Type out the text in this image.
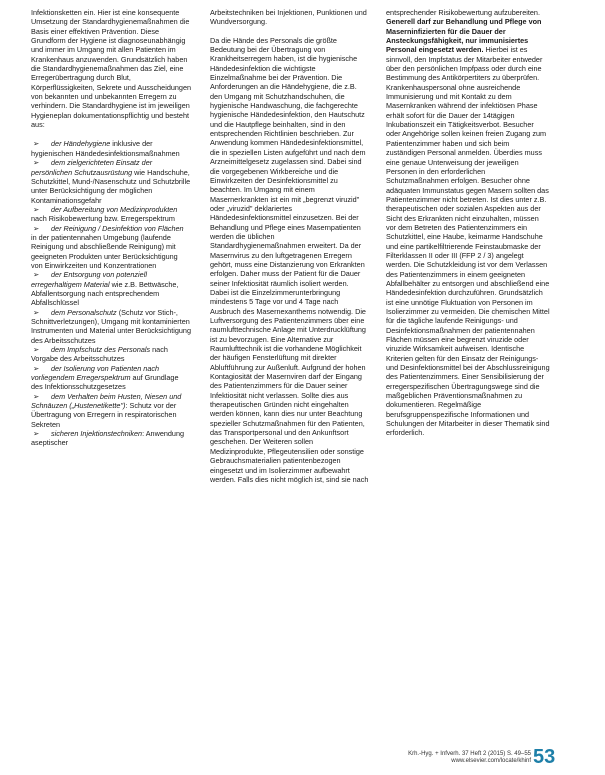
Infektionsketten ein. Hier ist eine konsequente Umsetzung der Standardhygienemaßnahmen die Basis einer effektiven Prävention. Diese Grundform der Hygiene ist diagnoseunabhängig und immer im Umgang mit allen Patienten im Krankenhaus anzuwenden. Grundsätzlich haben die Standardhygienemaßnahmen das Ziel, eine Erregerübertragung durch Blut, Körperflüssigkeiten, Sekrete und Ausscheidungen von bekannten und unbekannten Erregern zu verhindern. Die Standardhygiene ist im jeweiligen Hygieneplan dokumentationspflichtig und besteht aus:
➢ der Händehygiene inklusive der hygienischen Händedesinfektionsmaßnahmen
➢ dem zielgerichteten Einsatz der persönlichen Schutzausrüstung wie Handschuhe, Schutzkittel, Mund-/Nasenschutz und Schutzbrille unter Berücksichtigung der möglichen Kontaminationsgefahr
➢ der Aufbereitung von Medizinprodukten nach Risikobewertung bzw. Erregerspektrum
➢ der Reinigung / Desinfektion von Flächen in der patientennahen Umgebung (laufende Reinigung und abschließende Reinigung) mit geeigneten Produkten unter Berücksichtigung von Einwirkzeiten und Konzentrationen
➢ der Entsorgung von potenziell erregerhaltigem Material wie z.B. Bettwäsche, Abfallentsorgung nach entsprechendem Abfallschlüssel
➢ dem Personalschutz (Schutz vor Stich-, Schnittverletzungen), Umgang mit kontaminierten Instrumenten und Material unter Berücksichtigung des Arbeitsschutzes
➢ dem Impfschutz des Personals nach Vorgabe des Arbeitsschutzes
➢ der Isolierung von Patienten nach vorliegendem Erregerspektrum auf Grundlage des Infektionsschutzgesetzes
➢ dem Verhalten beim Husten, Niesen und Schnäuzen („Hustenetikette"): Schutz vor der Übertragung von Erregern in respiratorischen Sekreten
➢ sicheren Injektionstechniken: Anwendung aseptischer
Arbeitstechniken bei Injektionen, Punktionen und Wundversorgung.
Da die Hände des Personals die größte Bedeutung bei der Übertragung von Krankheitserregern haben, ist die hygienische Händedesinfektion die wichtigste Einzelmaßnahme bei der Prävention. Die Anforderungen an die Händehygiene, die z.B. den Umgang mit Schutzhandschuhen, die hygienische Handwaschung, die fachgerechte hygienische Händedesinfektion, den Hautschutz und die Hautpflege beinhalten, sind in den entsprechenden Richtlinien beschrieben. Zur Anwendung kommen Händedesinfektionsmittel, die in speziellen Listen aufgeführt und nach dem Arzneimittelgesetz zugelassen sind. Dabei sind die vorgegebenen Wirkbereiche und die Einwirkzeiten der Desinfektionsmittel zu beachten. Im Umgang mit einem Masernerkrankten ist ein mit „begrenzt viruzid" oder „viruzid" deklariertes Händedesinfektionsmittel einzusetzen. Bei der Behandlung und Pflege eines Masernpatienten werden die üblichen Standardhygienemaßnahmen erweitert. Da der Masernvirus zu den luftgetragenen Erregern gehört, muss eine Distanzierung von Erkrankten erfolgen. Daher muss der Patient für die Dauer seiner Infektiosität räumlich isoliert werden. Dabei ist die Einzelzimmerunterbringung mindestens 5 Tage vor und 4 Tage nach Ausbruch des Masernexanthems notwendig. Die Luftversorgung des Patientenzimmers über eine raumlufttechnische Anlage mit Unterdrucklüftung ist zu bevorzugen. Eine Alternative zur Raumlufttechnik ist die vorhandene Möglichkeit der häufigen Fensterlüftung mit direkter Abluftführung zur Außenluft. Aufgrund der hohen Kontagiosität der Masernviren darf der Eingang des Patientenzimmers für die Dauer seiner Infektiosität nicht verlassen. Sollte dies aus therapeutischen Gründen nicht eingehalten werden können, kann dies nur unter Beachtung spezieller Schutzmaßnahmen für den Patienten, das Transportpersonal und den Ankunftsort geschehen. Der Weiteren sollen Medizinprodukte, Pflegeutensilien oder sonstige Gebrauchsmaterialien patientenbezogen eingesetzt und im Isolierzimmer aufbewahrt werden. Falls dies nicht möglich ist, sind sie nach
entsprechender Risikobewertung aufzubereiten.
Generell darf zur Behandlung und Pflege von Maserninfizierten für die Dauer der Ansteckungsfähigkeit, nur immunisiertes Personal eingesetzt werden. Hierbei ist es sinnvoll, den Impfstatus der Mitarbeiter entweder über den persönlichen Impfpass oder durch eine Bestimmung des Antikörpertiters zu überprüfen. Krankenhauspersonal ohne ausreichende Immunisierung und mit Kontakt zu dem Masernkranken während der infektiösen Phase erhält sofort für die Dauer der 14tägigen Inkubationszeit ein Tätigkeitsverbot. Besucher oder Angehörige sollen keinen freien Zugang zum Patientenzimmer haben und sich beim zuständigen Personal anmelden. Überdies muss eine genaue Unterweisung der jeweiligen Personen in den erforderlichen Schutzmaßnahmen erfolgen. Besucher ohne adäquaten Immunstatus gegen Masern sollten das Patientenzimmer nicht betreten. Ist dies unter z.B. therapeutischen oder sozialen Aspekten aus der Sicht des Erkrankten nicht einzuhalten, müssen vor dem Betreten des Patientenzimmers ein Schutzkittel, eine Haube, keimarme Handschuhe und eine partikelfiltrierende Feinstaubmaske der Filterklassen II oder III (FFP 2 / 3) angelegt werden. Die Schutzkleidung ist vor dem Verlassen des Patientenzimmers in einem geeigneten Abfallbehälter zu entsorgen und abschließend eine Händedesinfektion durchzuführen. Grundsätzlich ist eine unnötige Fluktuation von Personen im Isolierzimmer zu vermeiden. Die chemischen Mittel für die tägliche laufende Reinigungs- und Desinfektionsmaßnahmen der patientennahen Flächen müssen eine begrenzt viruzide oder viruzide Wirksamkeit aufweisen. Identische Kriterien gelten für den Einsatz der Reinigungs- und Desinfektionsmittel bei der Abschlussreinigung des Patientenzimmers. Einer Sensibilisierung der erregerspezifischen Übertragungswege sind die maßgeblichen Präventionsmaßnahmen zu dokumentieren. Regelmäßige berufsgruppenspezifische Informationen und Schulungen der Mitarbeiter in dieser Thematik sind erforderlich.
Krh.-Hyg. + Infverh. 37 Heft 2 (2015) S. 49–55
www.elsevier.com/locate/khinf 53
